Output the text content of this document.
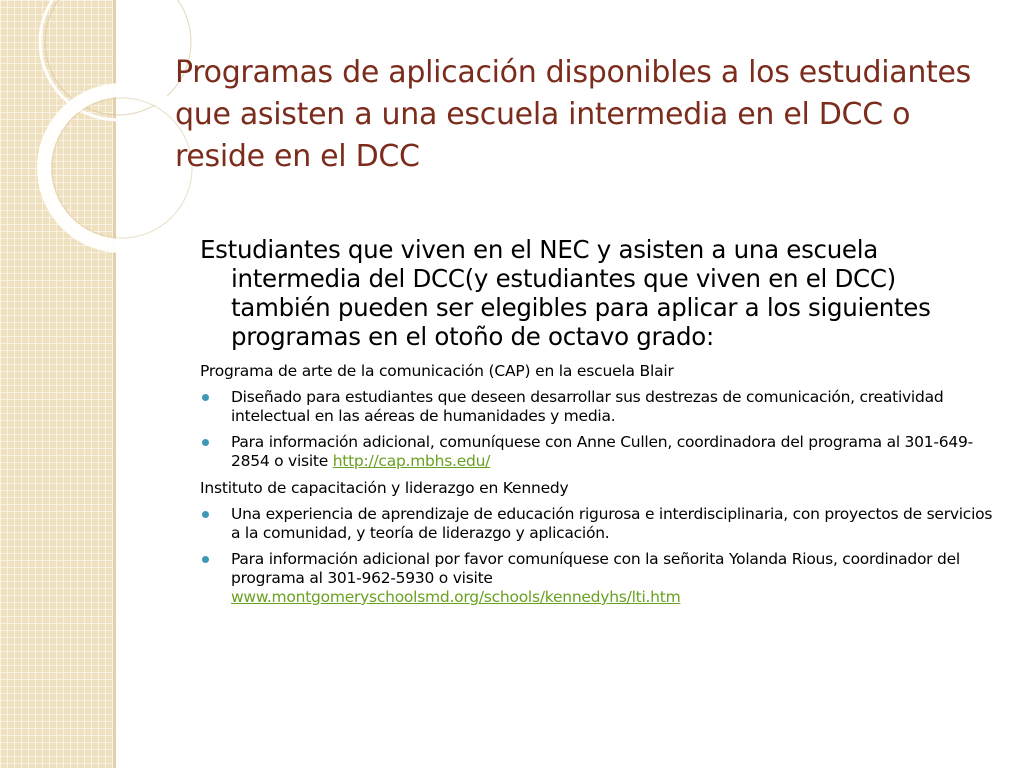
Programas de aplicación disponibles a los estudiantes que asisten a una escuela intermedia en el DCC o reside en el DCC

Estudiantes que viven en el NEC y asisten a una escuela intermedia del DCC(y estudiantes que viven en el DCC) también pueden ser elegibles para aplicar a los siguientes programas en el otoño de octavo grado:

Programa de arte de la comunicación (CAP) en la escuela Blair

Diseñado para estudiantes que deseen desarrollar sus destrezas de comunicación, creatividad intelectual en las aéreas de humanidades y media.
Para información adicional, comuníquese con Anne Cullen, coordinadora del programa al 301-649-2854 o visite http://cap.mbhs.edu/

Instituto de capacitación y liderazgo en Kennedy

Una experiencia de aprendizaje de educación rigurosa e interdisciplinaria, con proyectos de servicios a la comunidad, y teoría de liderazgo y aplicación.
Para información adicional por favor comuníquese con la señorita Yolanda Rious, coordinador del programa al 301-962-5930 o visite
www.montgomeryschoolsmd.org/schools/kennedyhs/lti.htm
